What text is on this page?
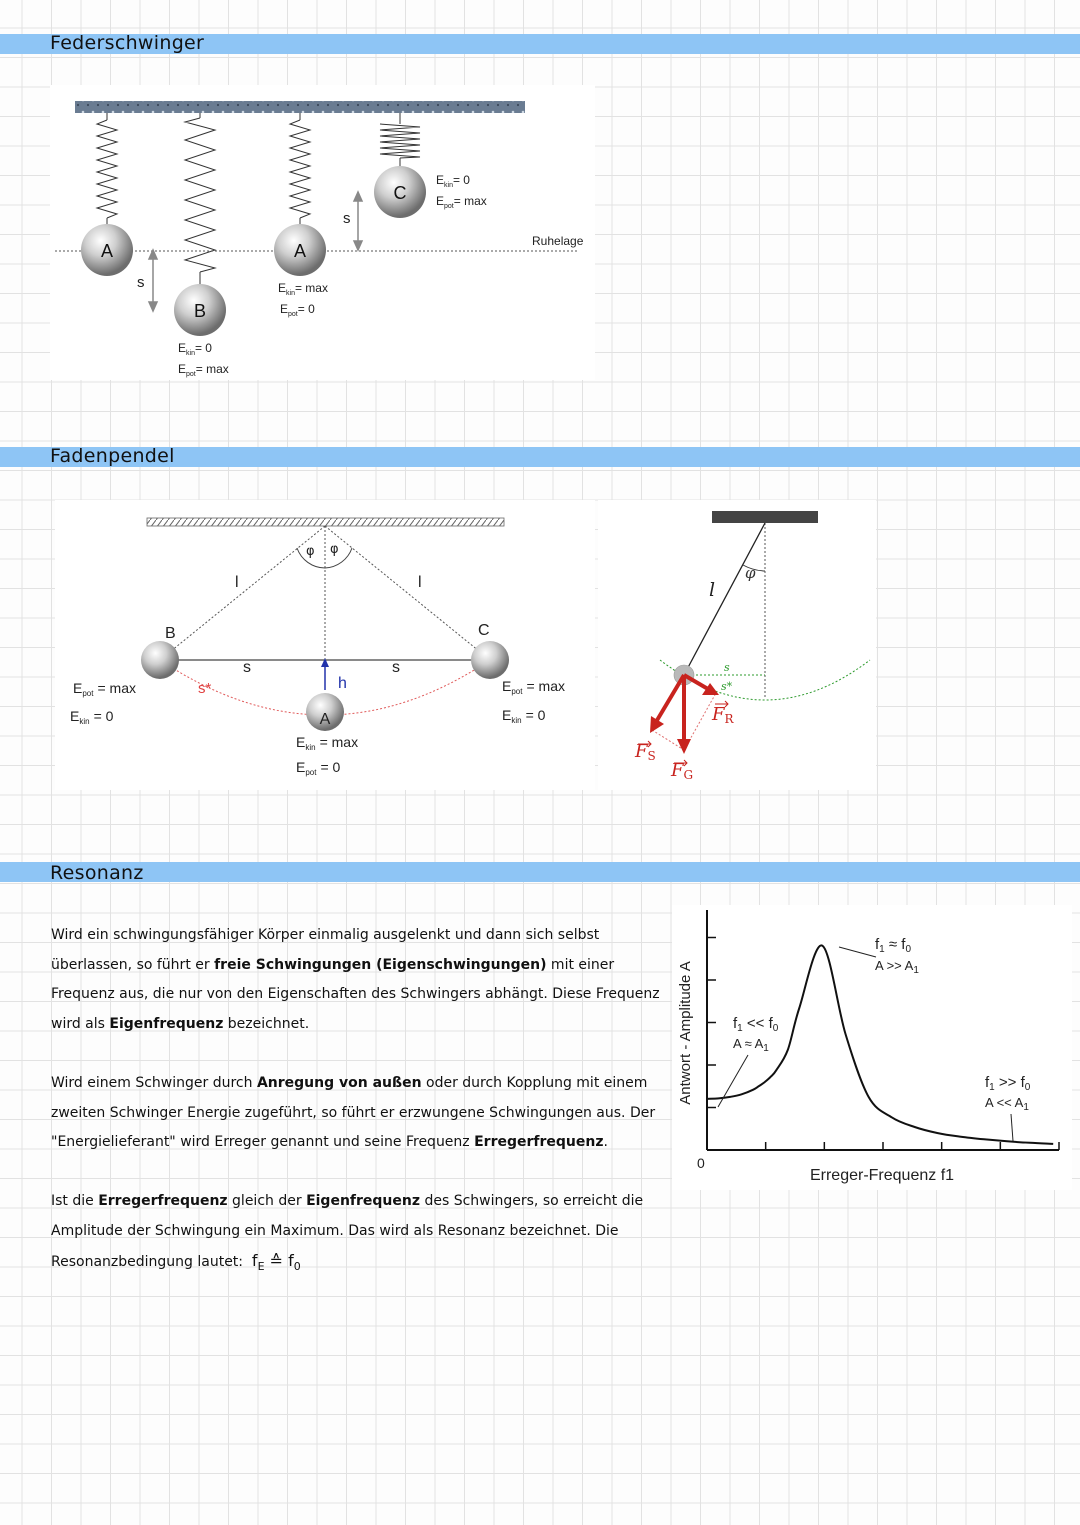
Federschwinger
A
B
A
C
s
s
Ruhelage
$E_{kin}= 0$
$E_{pot}= \max$
$E_{kin}= \max$
$E_{pot}= 0$
$E_{kin}= 0$
$E_{pot}= \max$
Fadenpendel
φ φ
l	l
s*
s	s
h
B	C
A
$E_{pot} = \max$
$E_{kin} = 0$
$E_{pot} = \max$
$E_{kin} = 0$
$E_{kin} = \max$
$E_{pot} = 0$
φ
l
s
s*
FR
FS
FG
Resonanz

Wird ein schwingungsfähiger Körper einmalig ausgelenkt und dann sich selbst überlassen, so führt er freie Schwingungen (Eigenschwingungen) mit einer Frequenz aus, die nur von den Eigenschaften des Schwingers abhängt. Diese Frequenz wird als Eigenfrequenz bezeichnet.

Wird einem Schwinger durch Anregung von außen oder durch Kopplung mit einem zweiten Schwinger Energie zugeführt, so führt er erzwungene Schwingungen aus. Der "Energielieferant" wird Erreger genannt und seine Frequenz Erregerfrequenz.

Ist die Erregerfrequenz gleich der Eigenfrequenz des Schwingers, so erreicht die Amplitude der Schwingung ein Maximum. Das wird als Resonanz bezeichnet. Die Resonanzbedingung lautet: $f_E$ ≙ $f_0$

Antwort - Amplitude A
Erreger-Frequenz f1
0
$f_1 \approx f_0$
$A >> A_1$
$f_1 << f_0$
$A \approx A_1$
$f_1 >> f_0$
$A << A_1$
